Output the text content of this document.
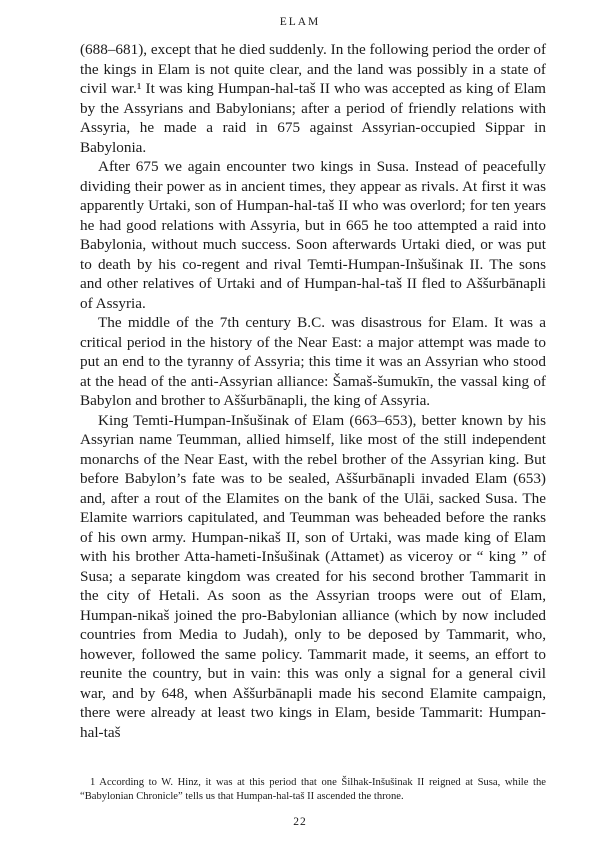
ELAM

(688–681), except that he died suddenly. In the following period the order of the kings in Elam is not quite clear, and the land was possibly in a state of civil war.¹ It was king Humpan-hal-taš II who was accepted as king of Elam by the Assyrians and Babylonians; after a period of friendly relations with Assyria, he made a raid in 675 against Assyrian-occupied Sippar in Babylonia.

After 675 we again encounter two kings in Susa. Instead of peacefully dividing their power as in ancient times, they appear as rivals. At first it was apparently Urtaki, son of Humpan-hal-taš II who was overlord; for ten years he had good relations with Assyria, but in 665 he too attempted a raid into Babylonia, without much success. Soon afterwards Urtaki died, or was put to death by his co-regent and rival Temti-Humpan-Inšušinak II. The sons and other relatives of Urtaki and of Humpan-hal-taš II fled to Aššurbānapli of Assyria.

The middle of the 7th century B.C. was disastrous for Elam. It was a critical period in the history of the Near East: a major attempt was made to put an end to the tyranny of Assyria; this time it was an Assyrian who stood at the head of the anti-Assyrian alliance: Šamaš-šumukīn, the vassal king of Babylon and brother to Aššurbānapli, the king of Assyria.

King Temti-Humpan-Inšušinak of Elam (663–653), better known by his Assyrian name Teumman, allied himself, like most of the still independent monarchs of the Near East, with the rebel brother of the Assyrian king. But before Babylon’s fate was to be sealed, Aššurbānapli invaded Elam (653) and, after a rout of the Elamites on the bank of the Ulāi, sacked Susa. The Elamite warriors capitulated, and Teumman was beheaded before the ranks of his own army. Humpan-nikaš II, son of Urtaki, was made king of Elam with his brother Atta-hameti-Inšušinak (Attamet) as viceroy or “ king ” of Susa; a separate kingdom was created for his second brother Tammarit in the city of Hetali. As soon as the Assyrian troops were out of Elam, Humpan-nikaš joined the pro-Babylonian alliance (which by now included countries from Media to Judah), only to be deposed by Tammarit, who, however, followed the same policy. Tammarit made, it seems, an effort to reunite the country, but in vain: this was only a signal for a general civil war, and by 648, when Aššurbānapli made his second Elamite campaign, there were already at least two kings in Elam, beside Tammarit: Humpan-hal-taš

1 According to W. Hinz, it was at this period that one Šilhak-Inšušinak II reigned at Susa, while the “Babylonian Chronicle” tells us that Humpan-hal-taš II ascended the throne.
22
